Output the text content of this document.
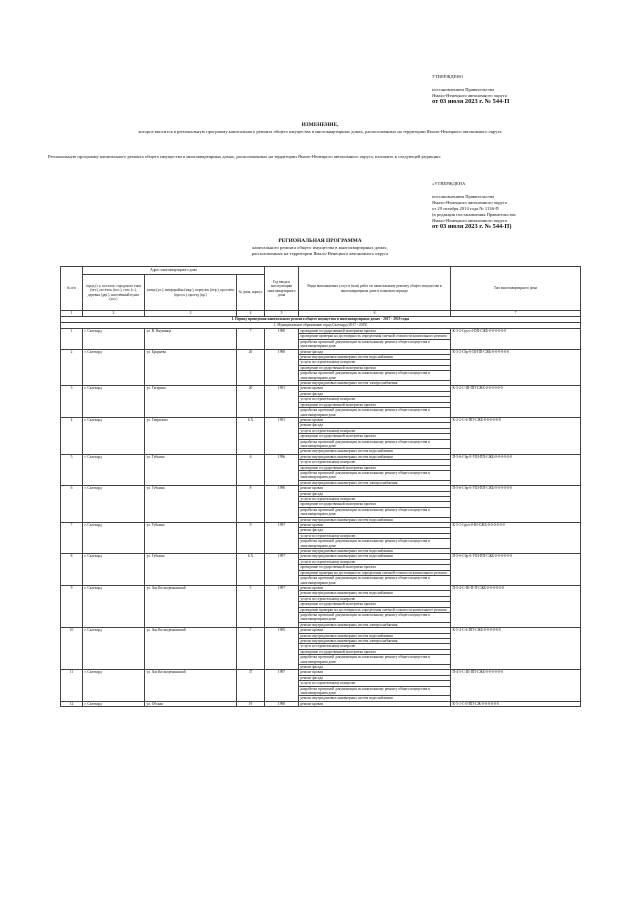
УТВЕРЖДЕНО
постановлением Правительства
Ямало-Ненецкого автономного округа
от 03 июля 2023 г. № 544-П
ИЗМЕНЕНИЕ,
которое вносится в региональную программу капитального ремонта общего имущества в многоквартирных домах, расположенных на территории Ямало-Ненецкого автономного округа
Региональную программу капитального ремонта общего имущества в многоквартирных домах, расположенных на территории Ямало-Ненецкого автономного округа, изложить в следующей редакции:
«УТВЕРЖДЕНА
постановлением Правительства
Ямало-Ненецкого автономного округа
от 29 октября 2014 года № 1136-П
(в редакции постановления Правительства
Ямало-Ненецкого автономного округа
от 03 июля 2023 г. № 544-П)
РЕГИОНАЛЬНАЯ ПРОГРАММА
капитального ремонта общего имущества в многоквартирных домах,
расположенных на территории Ямало-Ненецкого автономного округа
№ п/п	Адрес многоквартирного дома			Год ввода в эксплуатацию многоквартирного дома	Виды выполняемых услуг и (или) работ по капитальному ремонту общего имущества в многоквартирном доме в плановом периоде	Тип многоквартирного дома
	город (с.у. поселок, городского типа (пгт), посёлок (пос.), село (с.), деревня (дер.), населённый пункт (н.п.)	улица (ул.), микрорайон (мкр.), переулок (пер.), проспект (просп.), проезд (пр.)	№ дома, корпус			
1	2	3	4	5	6	7
I. Период проведения капитального ремонта общего имущества в многоквартирных домах - 2017 - 2019 годы						
1. Муниципальное образование город Салехард (2017 - 2019)						
1	г. Салехард	ул. В. Кнунянца	7	1990	проведение государственной экспертизы проекта	К-3-2-Сруч-4-ПП-СЖБ-0-0-0-0-0-0
					проведение проверки на достоверность определения сметной стоимости капитального ремонта	
					разработка проектной документации по капитальному ремонту общего имущества в многоквартирном доме	
2	г. Салехард	ул. Броднева	20	1990	ремонт фасада	К-3-2-Сбр-0-Ш-ПП-СЖБ-0-0-0-0-0-0
					ремонт внутридомовых инженерных систем водоснабжения	
					услуги по строительному контролю	
					проведение государственной экспертизы проекта	
					разработка проектной документации по капитальному ремонту общего имущества в многоквартирном доме	
					ремонт внутридомовых инженерных систем электроснабжения	
3	г. Салехард	ул. Гагарина	20	1991	ремонт кровли	К-3-2-С-Ш-ПП-СЖБ-0-0-0-0-0-0
					ремонт фасада	
					услуги по строительному контролю	
					проведение государственной экспертизы проекта	
					разработка проектной документации по капитальному ремонту общего имущества в многоквартирном доме	
4	г. Салехард	ул. Гаврилова	6 А	1991	ремонт кровли	К-2-2-С-4-ПП-СЖБ-0-0-0-0-0-0
					ремонт фасада	
					услуги по строительному контролю	
					проведение государственной экспертизы проекта	
					разработка проектной документации по капитальному ремонту общего имущества в многоквартирном доме	
					ремонт внутридомовых инженерных систем водоснабжения	
5	г. Салехард	ул. Губкина	6	1996	ремонт внутридомовых инженерных систем водоснабжения	П-5-6-Сбр-0-УШ-ПП-СЖБ-0-0-0-0-0-0
					услуги по строительному контролю	
					проведение государственной экспертизы проекта	
					разработка проектной документации по капитальному ремонту общего имущества в многоквартирном доме	
					ремонт внутридомовых инженерных систем электроснабжения	
6	г. Салехард	ул. Губкина	8	1996	ремонт кровли	П-5-6-Сбр-0-УШ-ПП-СЖБ-0-0-0-0-0-0
					ремонт фасада	
					услуги по строительному контролю	
					проведение государственной экспертизы проекта	
					разработка проектной документации по капитальному ремонту общего имущества в многоквартирном доме	
					ремонт внутридомовых инженерных систем водоснабжения	
7	г. Салехард	ул. Губкина	9	1997	ремонт кровли	К-5-1-Сруч-0-Ш-СЖБ-0-0-0-0-0-0
					ремонт фасада	
					услуги по строительному контролю	
					разработка проектной документации по капитальному ремонту общего имущества в многоквартирном доме	
					ремонт внутридомовых инженерных систем водоснабжения	
8	г. Салехард	ул. Губкина	6 А	1997	ремонт внутридомовых инженерных систем водоснабжения	П-5-6-Сбр-0-УШ-ПП-СЖБ-0-0-0-0-0-0
					услуги по строительному контролю	
					проведение государственной экспертизы проекта	
					проведение проверки на достоверность определения сметной стоимости капитального ремонта	
					разработка проектной документации по капитальному ремонту общего имущества в многоквартирном доме	
9	г. Салехард	ул. Зои Космодемьянской	5	1997	ремонт кровли	П-5-4-С-Ш-П-П-СЖБ-0-0-0-0-0-0
					ремонт внутридомовых инженерных систем водоснабжения	
					услуги по строительному контролю	
					проведение государственной экспертизы проекта	
					проведение проверки на достоверность определения сметной стоимости капитального ремонта	
					разработка проектной документации по капитальному ремонту общего имущества в многоквартирном доме	
					ремонт внутридомовых инженерных систем электроснабжения	
10	г. Салехард	ул. Зои Космодемьянской	7	1995	ремонт кровли	К-5-4-С-4-ПП-СЖБ-0-0-0-0-0-0
					ремонт внутридомовых инженерных систем водоснабжения	
					ремонт внутридомовых инженерных систем электроснабжения	
					услуги по строительному контролю	
					проведение государственной экспертизы проекта	
					разработка проектной документации по капитальному ремонту общего имущества в многоквартирном доме	
					ремонт фасада	
11	г. Салехард	ул. Зои Космодемьянской	37	1997	ремонт кровли	П-4-5-С-Ш-ПП-СЖБ-0-0-0-0-0-0
					ремонт фасада	
					услуги по строительному контролю	
					разработка проектной документации по капитальному ремонту общего имущества в многоквартирном доме	
					ремонт внутридомовых инженерных систем водоснабжения	
12	г. Салехард	ул. Обская	19	1990	ремонт кровли	К-5-1-С-0-ПП-СЖ-0-0-0-0-0-0
